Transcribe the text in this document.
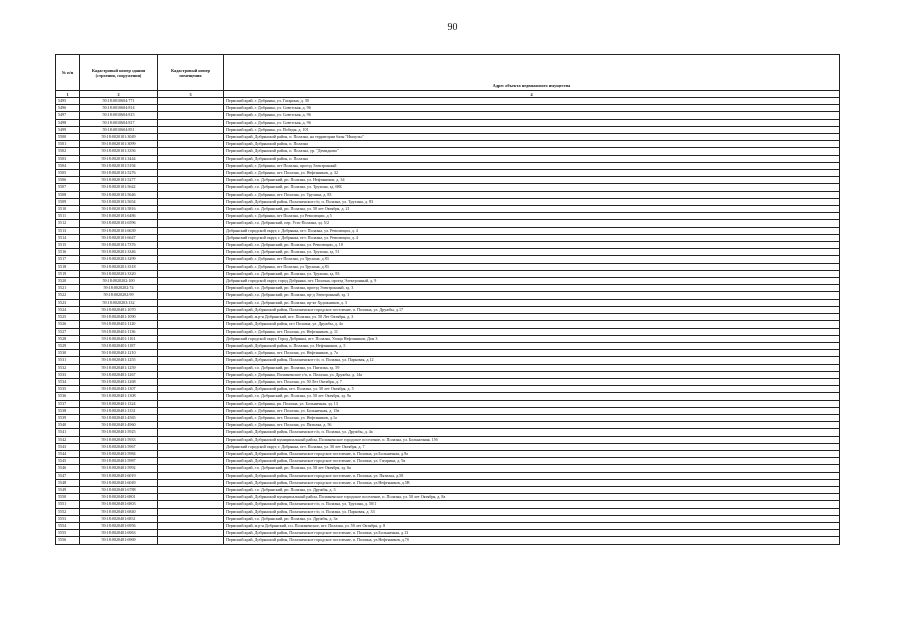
90
№ п/п	Кадастровый номер здания (строения, сооружения)	Кадастровый номер помещения	Адрес объекта недвижимого имущества
1	2	3	4
5495	59:18:0010604:771		Пермский край, г. Добрянка, ул. Гагарина, д. 30
5496	59:18:0010604:814		Пермский край, г. Добрянка, ул. Советская, д. 96
5497	59:18:0010604:815		Пермский край, г. Добрянка, ул. Советская, д. 96
5498	59:18:0010604:817		Пермский край, г. Добрянка, ул. Советская, д. 96
5499	59:18:0010604:851		Пермский край, г. Добрянка, ул. Победы, д. 101
5500	59:18:0020101:3049		Пермский край, Добрянский район, п. Полазна, на территории базы "Импульс"
5501	59:18:0020101:3099		Пермский край, Добрянский район, п. Полазна
5502	59:18:0020101:3356		Пермский край, Добрянский район, п. Полазна, ур. "Демидково"
5503	59:18:0020101:3444		Пермский край, Добрянский район, п. Полазна
5504	59:18:0020101:5194		Пермский край, г. Добрянка, пгт Полазна, проезд Электронный
5505	59:18:0020101:5276		Пермский край, г. Добрянка, пгт. Полазна, ул. Нефтяников, д. 32
5506	59:18:0020101:5277		Пермский край, г.о. Добрянский, рп. Полазна, ул. Нефтяников, д. 34
5507	59:18:0020101:5642		Пермский край, г.о. Добрянский, рп. Полазна, ул. Трухина, зд. 68Б
5508	59:18:0020101:5646		Пермский край, г. Добрянка, пгт. Полазна, ул. Трухина, д. 83
5509	59:18:0020101:5654		Пермский край, Добрянский район, Полазненское г/п, п. Полазна, ул. Трухина, д. 83
5510	59:18:0020101:5816		Пермский край, г.о. Добрянский, рп. Полазна, ул. 50 лет Октября, д. 21
5511	59:18:0020101:6486		Пермский край, г. Добрянка, пгт Полазна, ул Революции, д 5
5512	59:18:0020101:6596		Пермский край, г.о. Добрянский, пер. Усть-Полазна, зд. 5/2
5513	59:18:0020101:6639		Добрянский городской округ, г. Добрянка, пгт. Полазна, ул. Революции, д. 4
5514	59:18:0020101:6647		Добрянский городской округ, г. Добрянка, пгт. Полазна, ул. Революции, д. 4
5515	59:18:0020101:7376		Пермский край, г.о. Добрянский, рп. Полазна, ул. Революции, д. 10
5516	59:18:0020201:3346		Пермский край, г.о. Добрянский, рп. Полазна, ул. Трухина, зд. 51
5517	59:18:0020201:3299		Пермский край, г. Добрянка, пгт Полазна, ул Трухина, д 83
5518	59:18:0020201:3318		Пермский край, г. Добрянка, пгт Полазна, ул Трухина, д 83
5519	59:18:0020201:3320		Пермский край, г.о. Добрянский, рп. Полазна, ул. Трухина, зд. 83
5520	59:18:0020202:100		Добрянский городской округ, город Добрянка, пгт. Полазна, проезд Электронный, д. 9
5521	59:18:0020202:74		Пермский край, г.о. Добрянский, рп. Полазна, проезд Электронный, зд. 3
5522	59:18:0020202:99		Пермский край, г.о. Добрянский, рп. Полазна, пр-д Электронный, зд. 1
5523	59:18:0020203:132		Пермский край, г.о. Добрянский, рп. Полазна, пр-кт Художников, д. 3
5524	59:18:0020401:1070		Пермский край, Добрянский район, Полазненское городское поселение, п. Полазна, ул. Дружбы, д.17
5525	59:18:0020401:1090		Пермский край, м.р-н Добрянский, пгт. Полазна, ул. 50 Лет Октября, д. 3
5526	59:18:0020401:1120		Пермский край, Добрянский район, пгт Полазна, ул. Дружбы, д. 4а
5527	59:18:0020401:1136		Пермский край, г. Добрянка, пгт. Полазна, ул. Нефтяников, д. 11
5528	59:18:0020401:1161		Добрянский городской округ, Город Добрянка, пгт. Полазна, Улица Нефтяников, Дом 3
5529	59:18:0020401:1187		Пермский край, Добрянский район, п. Полазна, ул. Нефтяников, д. 5
5530	59:18:0020401:1210		Пермский край, г. Добрянка, пгт. Полазна, ул. Нефтяников, д. 7а
5531	59:18:0020401:1255		Пермский край, Добрянский район, Полазненское г/п, п. Полазна, ул. Парковая, д.12
5532	59:18:0020401:1259		Пермский край, г.о. Добрянский, рп. Полазна, ул. Пятилка, зд. 59
5533	59:18:0020401:1267		Пермский край, г. Добрянка, Полазненское г/п, п. Полазна, ул. Дружбы, д. 14а
5534	59:18:0020401:1268		Пермский край, г. Добрянка, пгт. Полазна, ул. 50 Лет Октября, д. 7
5535	59:18:0020401:1307		Пермский край, Добрянский район, пгт. Полазна, ул. 50 лет Октября, д. 5
5536	59:18:0020401:1308		Пермский край, г.о. Добрянский, рп. Полазна, ул. 50 лет Октября, зд. 9а
5537	59:18:0020401:1324		Пермский край, г. Добрянка, рп. Полазна, ул. Больничная, зд. 13
5538	59:18:0020401:1331		Пермский край, г. Добрянка, пгт. Полазна, ул. Больничная, д. 15в
5539	59:18:0020401:4565		Пермский край, г. Добрянка, пгт. Полазна, ул. Нефтяников, д.1а
5540	59:18:0020401:4960		Пермский край, г. Добрянка, пгт. Полазна, ул. Пятилка, д. 56
5541	59:18:0020401:5925		Пермский край, Добрянский район, Полазненское г/п, п. Полазна, ул. Дружбы, д. 4а
5542	59:18:0020401:5933		Пермский край, Добрянский муниципальный район, Полазненское городское поселение, п. Полазна, ул. Больничная, 15б
5543	59:18:0020401:5967		Добрянский городской округ, г. Добрянка, пгт. Полазна, ул. 50 лет Октября, д. 7
5544	59:18:0020401:5984		Пермский край, Добрянский район, Полазненское городское поселение, п. Полазна, ул.Больничная, д.9а
5545	59:18:0020401:5987		Пермский край, Добрянский район, Полазненское городское поселение, п. Полазна, ул. Гагарина, д. 9а
5546	59:18:0020401:5992		Пермский край, г.о. Добрянский, рп. Полазна, ул. 50 лет Октября, зд. 6а
5547	59:18:0020401:6019		Пермский край, Добрянский район, Полазненское городское поселение, п. Полазна, ул. Пятилка, д.58
5548	59:18:0020401:6049		Пермский край, Добрянский район, Полазненское городское поселение, п. Полазна, ул.Нефтяников, д.5В
5549	59:18:0020401:6788		Пермский край, г.о. Добрянский, рп. Полазна, ул. Дружбы, д. 3
5550	59:18:0020401:6801		Пермский край, Добрянский муниципальный район, Полазненское городское поселение, п. Полазна, ул. 50 лет Октября, д. 8а
5551	59:18:0020401:6803		Пермский край, Добрянский район, Полазненское г/п, п. Полазна, ул. Трухина, д. 50/1
5552	59:18:0020401:6840		Пермский край, Добрянский район, Полазненское г/п, п. Полазна, ул. Парковая, д. 33
5553	59:18:0020401:6831		Пермский край, г.о. Добрянский, рп. Полазна, ул. Дружбы, д. 3а
5554	59:18:0020401:6956		Пермский край, м.р-н Добрянский, г.п. Полазненское, пгт. Полазна, ул. 50 лет Октября, д. 8
5555	59:18:0020401:6963		Пермский край, Добрянский район, Полазненское городское поселение, п. Полазна, ул.Больничная, д.13
5556	59:18:0020401:6969		Пермский край, Добрянский район, Полазненское городское поселение, п. Полазна, ул.Нефтяников, д.7б
